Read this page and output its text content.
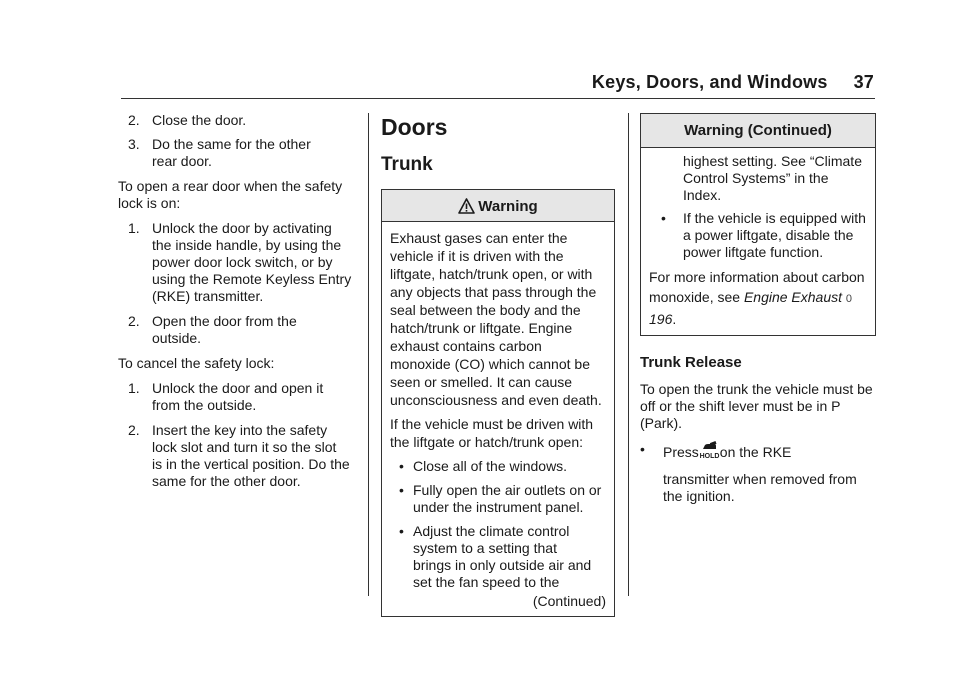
Keys, Doors, and Windows 37
2. Close the door.
3. Do the same for the other rear door.

To open a rear door when the safety lock is on:

1. Unlock the door by activating the inside handle, by using the power door lock switch, or by using the Remote Keyless Entry (RKE) transmitter.
2. Open the door from the outside.

To cancel the safety lock:

1. Unlock the door and open it from the outside.
2. Insert the key into the safety lock slot and turn it so the slot is in the vertical position. Do the same for the other door.
Doors
Trunk
Warning

Exhaust gases can enter the vehicle if it is driven with the liftgate, hatch/trunk open, or with any objects that pass through the seal between the body and the hatch/trunk or liftgate. Engine exhaust contains carbon monoxide (CO) which cannot be seen or smelled. It can cause unconsciousness and even death.

If the vehicle must be driven with the liftgate or hatch/trunk open:

• Close all of the windows.
• Fully open the air outlets on or under the instrument panel.
• Adjust the climate control system to a setting that brings in only outside air and set the fan speed to the

(Continued)

Warning (Continued)
highest setting. See “Climate Control Systems” in the Index.
•	If the vehicle is equipped with a power liftgate, disable the power liftgate function.

For more information about carbon monoxide, see Engine Exhaust 0 196.

Trunk Release

To open the trunk the vehicle must be off or the shift lever must be in P (Park).

•	Press HOLD on the RKE
transmitter when removed from the ignition.
